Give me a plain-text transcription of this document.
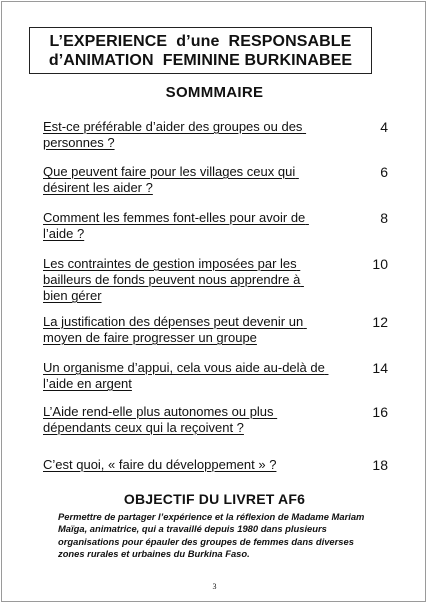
L’EXPERIENCE  d’une  RESPONSABLE
d’ANIMATION  FEMININE BURKINABEE
SOMMMAIRE
Est-ce préférable d’aider des groupes ou des personnes ?
4
Que peuvent faire pour les villages ceux qui désirent les aider ?
6
Comment les femmes font-elles pour avoir de l’aide ?
8
Les contraintes de gestion imposées par les bailleurs de fonds peuvent nous apprendre à bien gérer
10
La justification des dépenses peut devenir un moyen de faire progresser un groupe
12
Un organisme d’appui, cela vous aide au-delà de l’aide en argent
14
L’Aide rend-elle plus autonomes ou plus dépendants ceux qui la reçoivent ?
16
C’est quoi, « faire du développement » ?	18
OBJECTIF DU LIVRET AF6
Permettre de partager l’expérience et la réflexion de Madame Mariam Maïga, animatrice, qui a travaillé depuis 1980 dans plusieurs organisations pour épauler des groupes de femmes dans diverses zones rurales et urbaines du Burkina Faso.
3
